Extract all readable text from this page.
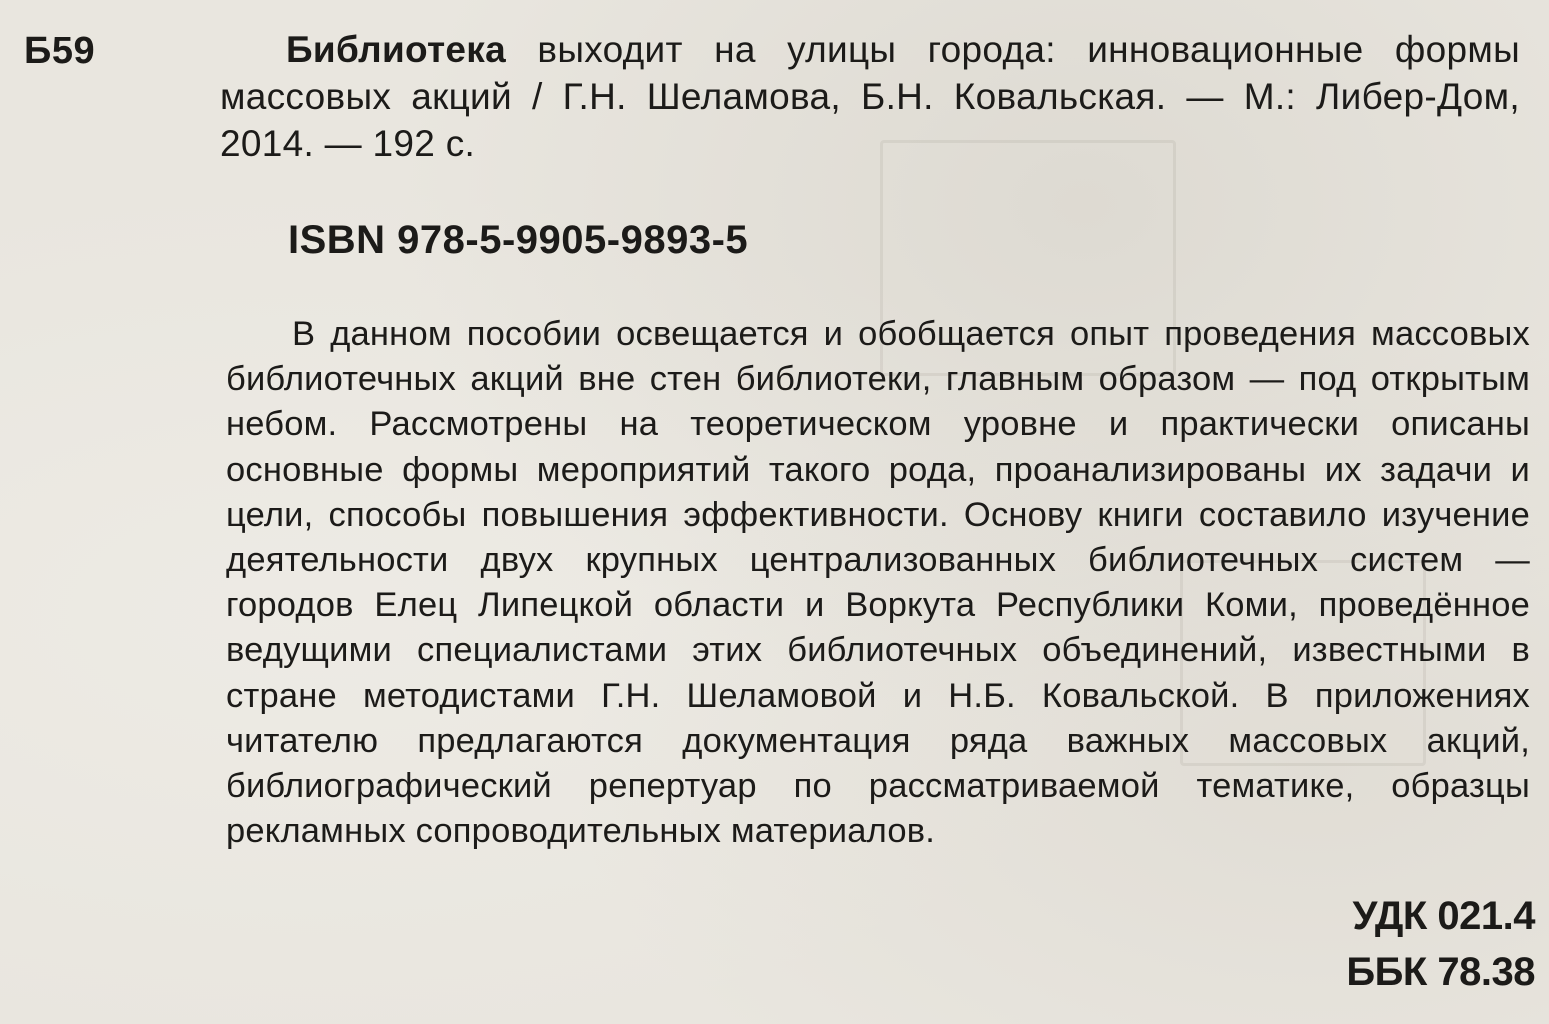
Б59	Библиотека выходит на улицы города: инновационные формы массовых акций / Г.Н. Шеламова, Б.Н. Ковальская. — М.: Либер-Дом, 2014. — 192 с.
ISBN 978-5-9905-9893-5
В данном пособии освещается и обобщается опыт проведения массовых библиотечных акций вне стен библиотеки, главным образом — под открытым небом. Рассмотрены на теоретическом уровне и практически описаны основные формы мероприятий такого рода, проанализированы их задачи и цели, способы повышения эффективности. Основу книги составило изучение деятельности двух крупных централизованных библиотечных систем — городов Елец Липецкой области и Воркута Республики Коми, проведённое ведущими специалистами этих библиотечных объединений, известными в стране методистами Г.Н. Шеламовой и Н.Б. Ковальской. В приложениях читателю предлагаются документация ряда важных массовых акций, библиографический репертуар по рассматриваемой тематике, образцы рекламных сопроводительных материалов.
УДК 021.4
ББК 78.38
